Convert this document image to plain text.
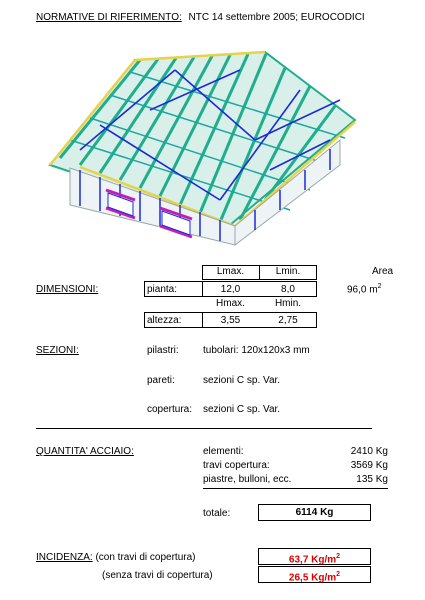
NORMATIVE DI RIFERIMENTO: NTC 14 settembre 2005; EUROCODICI
Lmax.	Lmin.	Area
DIMENSIONI:	pianta:	12,0	8,0	96,0 $m^2$
Hmax.	Hmin.
altezza:	3,55	2,75
SEZIONI:	pilastri: tubolari: 120x120x3 mm
pareti:	sezioni C sp. Var.
copertura: sezioni C sp. Var.
QUANTITA' ACCIAIO:	elementi:	2410 Kg
travi copertura:	3569 Kg
piastre, bulloni, ecc.	135 Kg
totale:	6114 Kg
INCIDENZA: (con travi di copertura)	63,7 $Kg/m^2$
(senza travi di copertura)	26,5 $Kg/m^2$
